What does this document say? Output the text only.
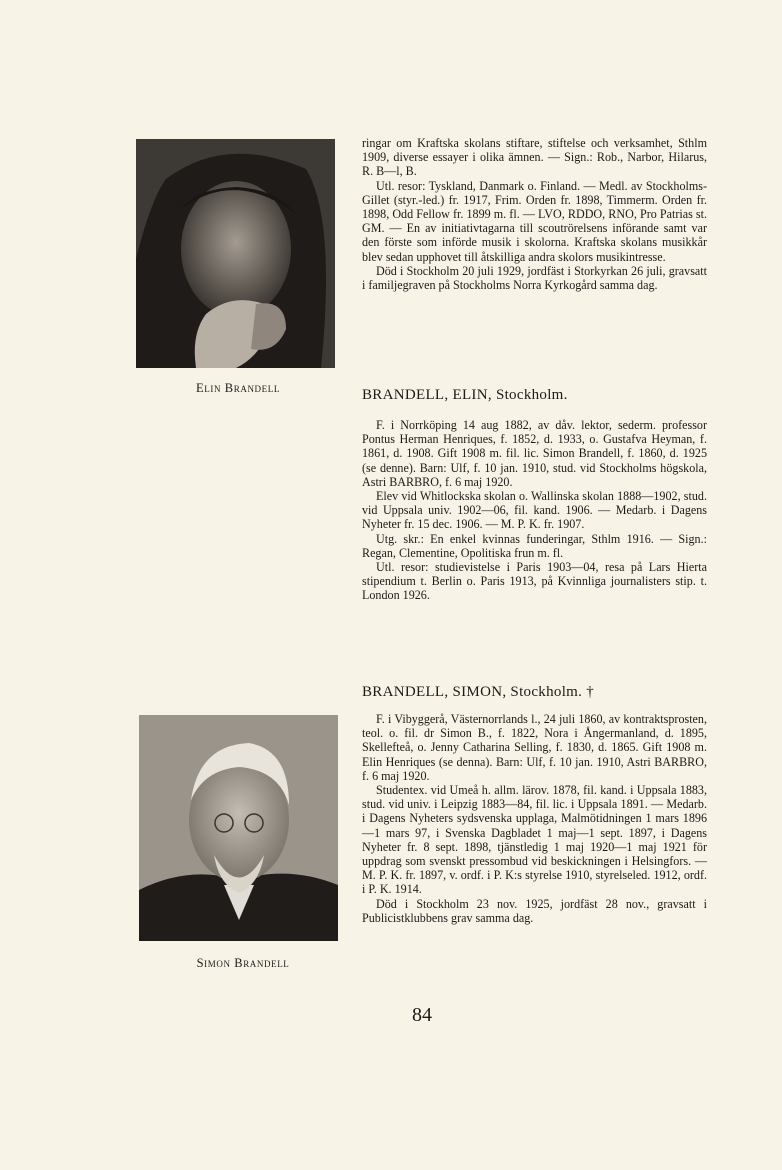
Elin Brandell

ringar om Kraftska skolans stiftare, stiftelse och verksamhet, Sthlm 1909, diverse essayer i olika ämnen. — Sign.: Rob., Narbor, Hilarus, R. B—l, B.

Utl. resor: Tyskland, Danmark o. Finland. — Medl. av Stockholms-Gillet (styr.-led.) fr. 1917, Frim. Orden fr. 1898, Timmerm. Orden fr. 1898, Odd Fellow fr. 1899 m. fl. — LVO, RDDO, RNO, Pro Patrias st. GM. — En av initiativtagarna till scoutrörelsens införande samt var den förste som införde musik i skolorna. Kraftska skolans musikkår blev sedan upphovet till åtskilliga andra skolors musikintresse.

Död i Stockholm 20 juli 1929, jordfäst i Storkyrkan 26 juli, gravsatt i familjegraven på Stockholms Norra Kyrkogård samma dag.

BRANDELL, ELIN, Stockholm.

F. i Norrköping 14 aug 1882, av dåv. lektor, sederm. professor Pontus Herman Henriques, f. 1852, d. 1933, o. Gustafva Heyman, f. 1861, d. 1908. Gift 1908 m. fil. lic. Simon Brandell, f. 1860, d. 1925 (se denne). Barn: Ulf, f. 10 jan. 1910, stud. vid Stockholms högskola, Astri BARBRO, f. 6 maj 1920.

Elev vid Whitlockska skolan o. Wallinska skolan 1888—1902, stud. vid Uppsala univ. 1902—06, fil. kand. 1906. — Medarb. i Dagens Nyheter fr. 15 dec. 1906. — M. P. K. fr. 1907.

Utg. skr.: En enkel kvinnas funderingar, Sthlm 1916. — Sign.: Regan, Clementine, Opolitiska frun m. fl.

Utl. resor: studievistelse i Paris 1903—04, resa på Lars Hierta stipendium t. Berlin o. Paris 1913, på Kvinnliga journalisters stip. t. London 1926.

BRANDELL, SIMON, Stockholm. †
Simon Brandell

F. i Vibyggerå, Västernorrlands l., 24 juli 1860, av kontraktsprosten, teol. o. fil. dr Simon B., f. 1822, Nora i Ångermanland, d. 1895, Skellefteå, o. Jenny Catharina Selling, f. 1830, d. 1865. Gift 1908 m. Elin Henriques (se denna). Barn: Ulf, f. 10 jan. 1910, Astri BARBRO, f. 6 maj 1920.

Studentex. vid Umeå h. allm. lärov. 1878, fil. kand. i Uppsala 1883, stud. vid univ. i Leipzig 1883—84, fil. lic. i Uppsala 1891. — Medarb. i Dagens Nyheters sydsvenska upplaga, Malmötidningen 1 mars 1896—1 mars 97, i Svenska Dagbladet 1 maj—1 sept. 1897, i Dagens Nyheter fr. 8 sept. 1898, tjänstledig 1 maj 1920—1 maj 1921 för uppdrag som svenskt pressombud vid beskickningen i Helsingfors. — M. P. K. fr. 1897, v. ordf. i P. K:s styrelse 1910, styrelseled. 1912, ordf. i P. K. 1914.

Död i Stockholm 23 nov. 1925, jordfäst 28 nov., gravsatt i Publicistklubbens grav samma dag.

84
